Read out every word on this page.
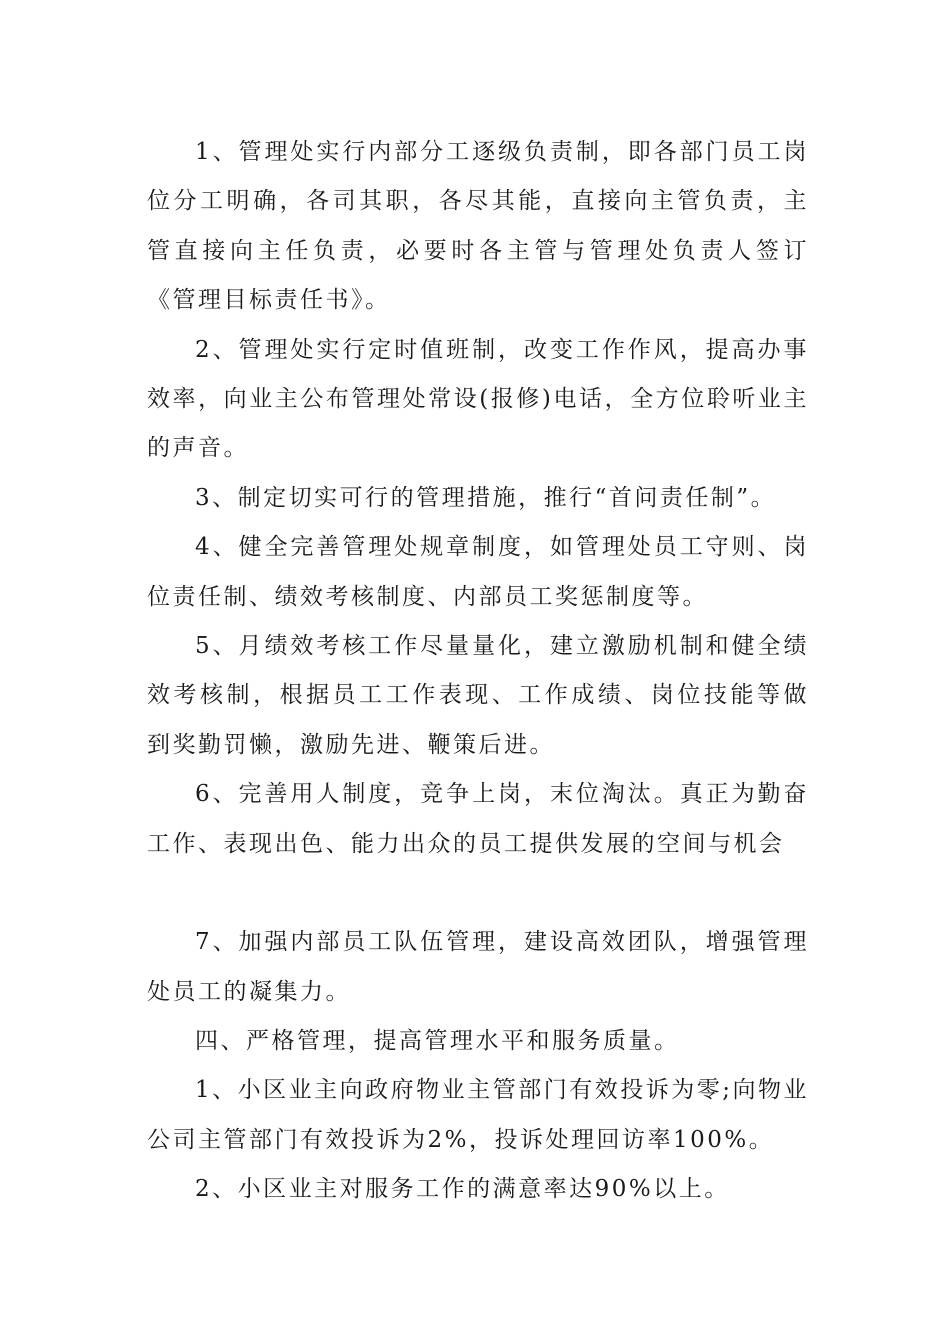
1、管理处实行内部分工逐级负责制，即各部门员工岗位分工明确，各司其职，各尽其能，直接向主管负责，主管直接向主任负责，必要时各主管与管理处负责人签订《管理目标责任书》。

2、管理处实行定时值班制，改变工作作风，提高办事效率，向业主公布管理处常设(报修)电话，全方位聆听业主的声音。

3、制定切实可行的管理措施，推行“首问责任制”。

4、健全完善管理处规章制度，如管理处员工守则、岗位责任制、绩效考核制度、内部员工奖惩制度等。

5、月绩效考核工作尽量量化，建立激励机制和健全绩效考核制，根据员工工作表现、工作成绩、岗位技能等做到奖勤罚懒，激励先进、鞭策后进。

6、完善用人制度，竞争上岗，末位淘汰。真正为勤奋工作、表现出色、能力出众的员工提供发展的空间与机会

7、加强内部员工队伍管理，建设高效团队，增强管理处员工的凝集力。

四、严格管理，提高管理水平和服务质量。

1、小区业主向政府物业主管部门有效投诉为零;向物业公司主管部门有效投诉为2%，投诉处理回访率100%。

2、小区业主对服务工作的满意率达90%以上。
